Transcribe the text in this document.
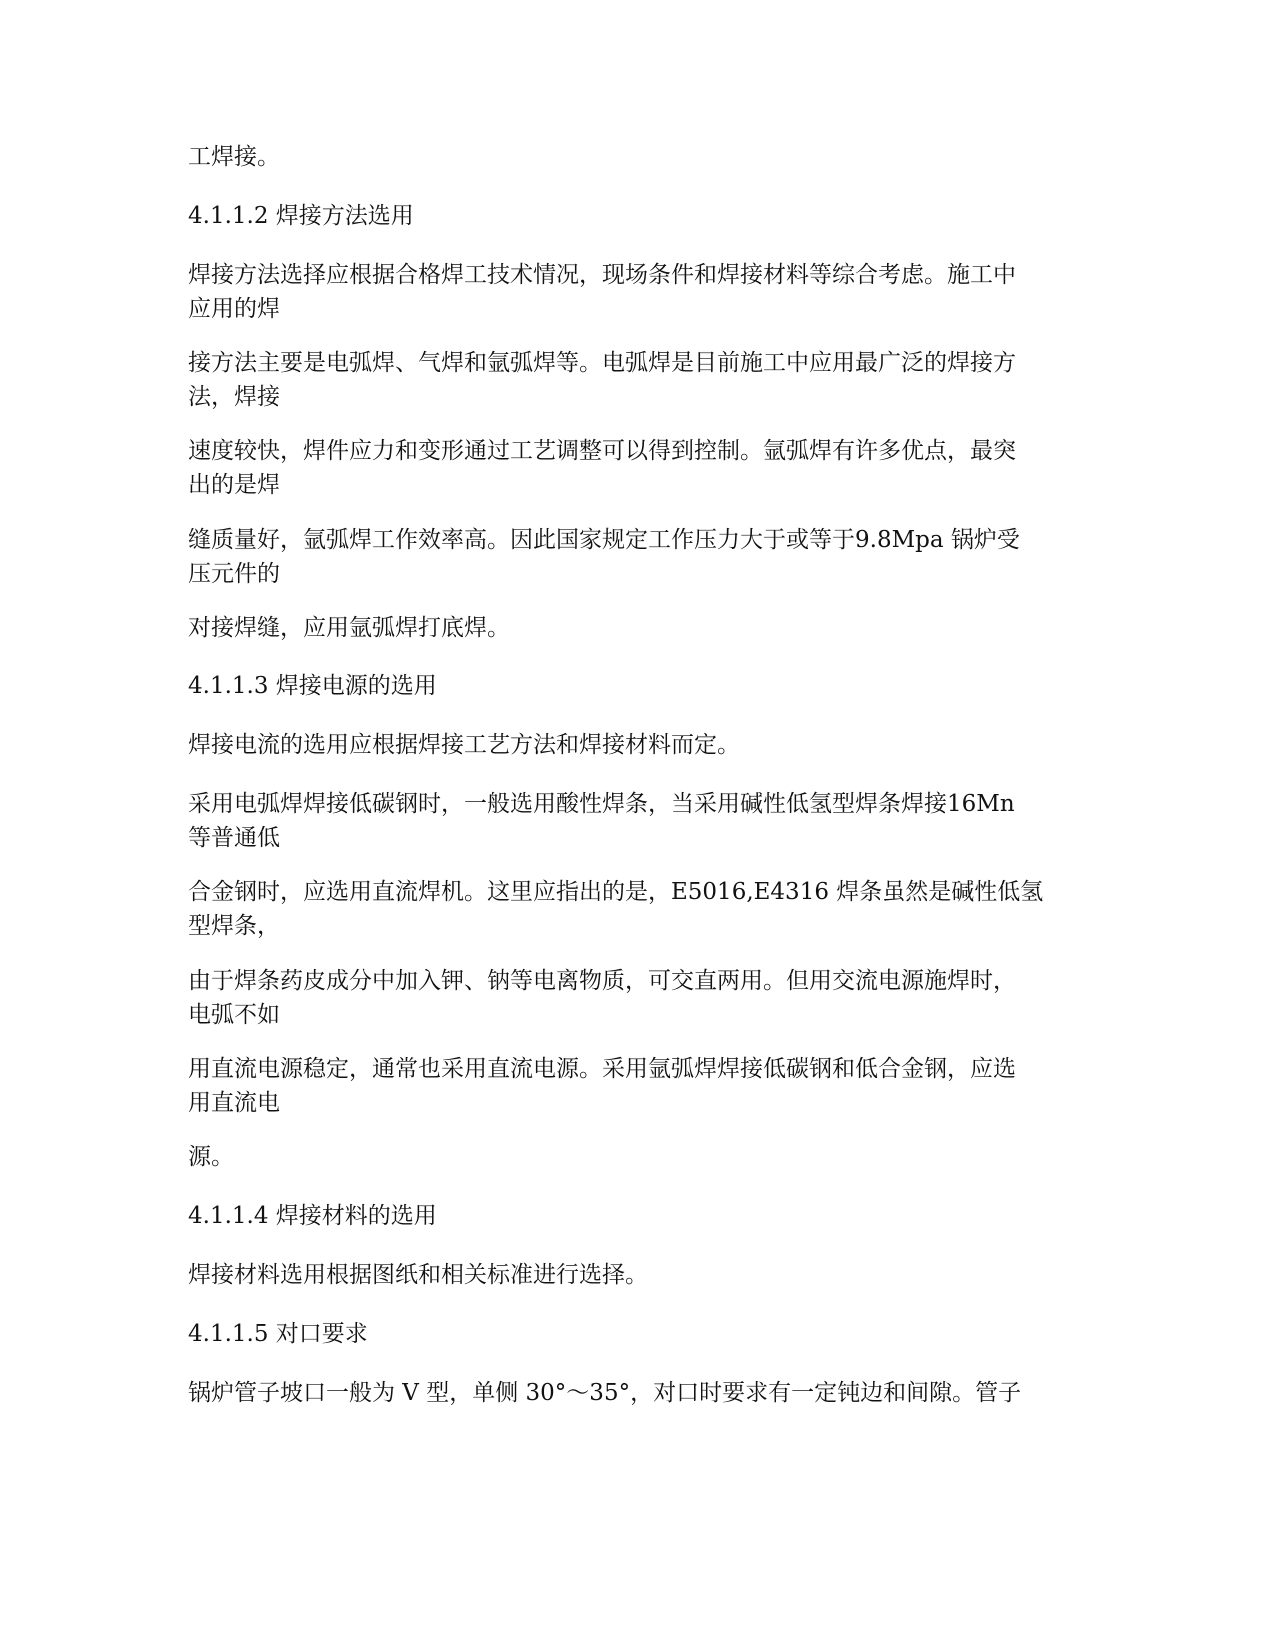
工焊接。

4.1.1.2 焊接方法选用

焊接方法选择应根据合格焊工技术情况，现场条件和焊接材料等综合考虑。施工中
应用的焊

接方法主要是电弧焊、气焊和氩弧焊等。电弧焊是目前施工中应用最广泛的焊接方
法，焊接

速度较快，焊件应力和变形通过工艺调整可以得到控制。氩弧焊有许多优点，最突
出的是焊

缝质量好，氩弧焊工作效率高。因此国家规定工作压力大于或等于9.8Mpa 锅炉受
压元件的

对接焊缝，应用氩弧焊打底焊。

4.1.1.3 焊接电源的选用

焊接电流的选用应根据焊接工艺方法和焊接材料而定。

采用电弧焊焊接低碳钢时，一般选用酸性焊条，当采用碱性低氢型焊条焊接16Mn
等普通低

合金钢时，应选用直流焊机。这里应指出的是，E5016,E4316 焊条虽然是碱性低氢
型焊条，

由于焊条药皮成分中加入钾、钠等电离物质，可交直两用。但用交流电源施焊时，
电弧不如

用直流电源稳定，通常也采用直流电源。采用氩弧焊焊接低碳钢和低合金钢，应选
用直流电

源。

4.1.1.4 焊接材料的选用

焊接材料选用根据图纸和相关标准进行选择。

4.1.1.5 对口要求

锅炉管子坡口一般为 V 型，单侧 30°～35°，对口时要求有一定钝边和间隙。管子
